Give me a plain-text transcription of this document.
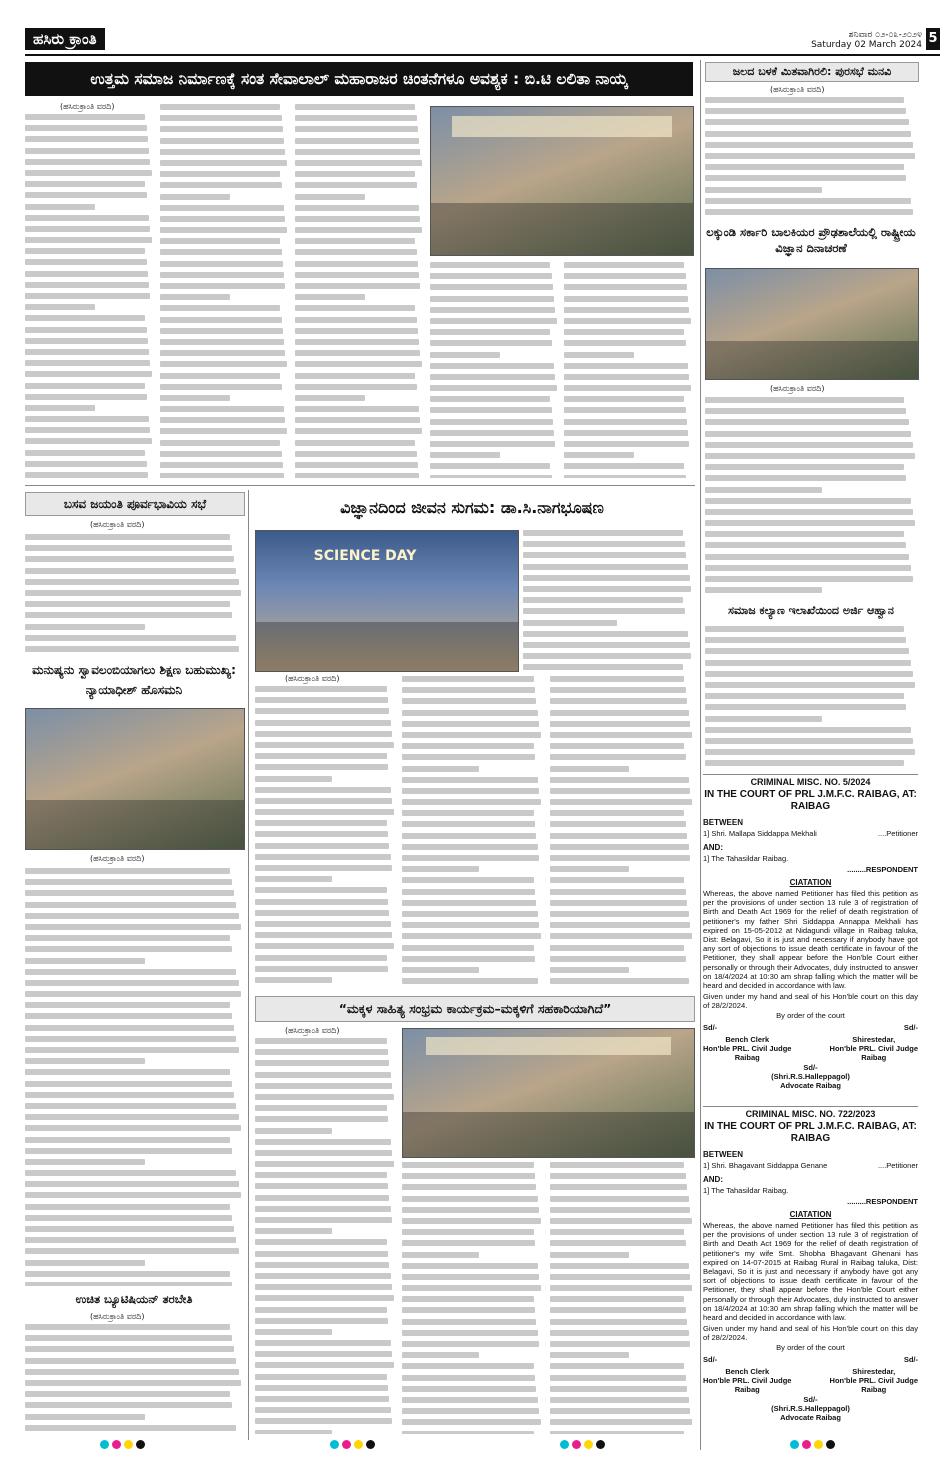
ಹಸಿರು ಕ್ರಾಂತಿ	ಶನಿವಾರ ೦೨-೦೩-೨೦೨೪
Saturday 02 March 2024 5
ಉತ್ತಮ ಸಮಾಜ ನಿರ್ಮಾಣಕ್ಕೆ ಸಂತ ಸೇವಾಲಾಲ್ ಮಹಾರಾಜರ ಚಿಂತನೆಗಳೂ ಅವಶ್ಯಕ : ಬಿ.ಟಿ ಲಲಿತಾ ನಾಯ್ಕ
(ಹಸಿರುಕ್ರಾಂತಿ ವರದಿ)
ಜಲದ ಬಳಕೆ ಮಿತವಾಗಿರಲಿ: ಪುರಸಭೆ ಮನವಿ
(ಹಸಿರುಕ್ರಾಂತಿ ವರದಿ)
ಲಕ್ಕುಂಡಿ ಸರ್ಕಾರಿ ಬಾಲಕಿಯರ ಪ್ರೌಢಶಾಲೆಯಲ್ಲಿ ರಾಷ್ಟ್ರೀಯ ವಿಜ್ಞಾನ ದಿನಾಚರಣೆ
(ಹಸಿರುಕ್ರಾಂತಿ ವರದಿ)
ಸಮಾಜ ಕಲ್ಯಾಣ ಇಲಾಖೆಯಿಂದ ಅರ್ಜಿ ಆಹ್ವಾನ
CRIMINAL MISC. NO. 5/2024
IN THE COURT OF PRL J.M.F.C. RAIBAG, AT: RAIBAG
BETWEEN
1] Shri. Mallapa Siddappa Mekhali	....Petitioner
AND:
1] The Tahasildar Raibag.
.........RESPONDENT
CIATATION
Whereas, the above named Petitioner has filed this petition as per the provisions of under section 13 rule 3 of registration of Birth and Death Act 1969 for the relief of death registration of petitioner's my father Shri Siddappa Annappa Mekhali has expired on 15-05-2012 at Nidagundi village in Raibag taluka, Dist: Belagavi, So it is just and necessary if anybody have got any sort of objections to issue death certificate in favour of the Petitioner, they shall appear before the Hon'ble Court either personally or through their Advocates, duly instructed to answer on 18/4/2024 at 10:30 am shrap falling which the matter will be heard and decided in accordance with law.
Given under my hand and seal of his Hon'ble court on this day of 28/2/2024.
By order of the court
Sd/-	Sd/-
Bench Clerk
Hon'ble PRL. Civil Judge
Raibag
Shirestedar,
Hon'ble PRL. Civil Judge
Raibag
Sd/-
(Shri.R.S.Halleppagol)
Advocate Raibag
CRIMINAL MISC. NO. 722/2023
IN THE COURT OF PRL J.M.F.C. RAIBAG, AT: RAIBAG
BETWEEN
1] Shri. Bhagavant Siddappa Genane	....Petitioner
AND:
1] The Tahasildar Raibag.
.........RESPONDENT
CIATATION
Whereas, the above named Petitioner has filed this petition as per the provisions of under section 13 rule 3 of registration of Birth and Death Act 1969 for the relief of death registration of petitioner's my wife Smt. Shobha Bhagavant Ghenani has expired on 14-07-2015 at Raibag Rural in Raibag taluka, Dist: Belagavi, So it is just and necessary if anybody have got any sort of objections to issue death certificate in favour of the Petitioner, they shall appear before the Hon'ble Court either personally or through their Advocates, duly instructed to answer on 18/4/2024 at 10:30 am shrap falling which the matter will be heard and decided in accordance with law.
Given under my hand and seal of his Hon'ble court on this day of 28/2/2024.
By order of the court
Sd/-	Sd/-
Bench Clerk
Hon'ble PRL. Civil Judge
Raibag
Shirestedar,
Hon'ble PRL. Civil Judge
Raibag
Sd/-
(Shri.R.S.Halleppagol)
Advocate Raibag
ಬಸವ ಜಯಂತಿ ಪೂರ್ವಭಾವಿಯ ಸಭೆ
(ಹಸಿರುಕ್ರಾಂತಿ ವರದಿ)
ಮನುಷ್ಯನು ಸ್ವಾವಲಂಬಿಯಾಗಲು ಶಿಕ್ಷಣ ಬಹುಮುಖ್ಯ: ನ್ಯಾಯಾಧೀಶ್ ಹೊಸಮನಿ
(ಹಸಿರುಕ್ರಾಂತಿ ವರದಿ)
ವಿಜ್ಞಾನದಿಂದ ಜೀವನ ಸುಗಮ: ಡಾ.ಸಿ.ನಾಗಭೂಷಣ
SCIENCE DAY
(ಹಸಿರುಕ್ರಾಂತಿ ವರದಿ)
“ಮಕ್ಕಳ ಸಾಹಿತ್ಯ ಸಂಭ್ರಮ ಕಾರ್ಯಕ್ರಮ–ಮಕ್ಕಳಿಗೆ ಸಹಕಾರಿಯಾಗಿದೆ”
(ಹಸಿರುಕ್ರಾಂತಿ ವರದಿ)
ಉಚಿತ ಬ್ಯೂಟಿಷಿಯನ್ ತರಬೇತಿ
(ಹಸಿರುಕ್ರಾಂತಿ ವರದಿ)
